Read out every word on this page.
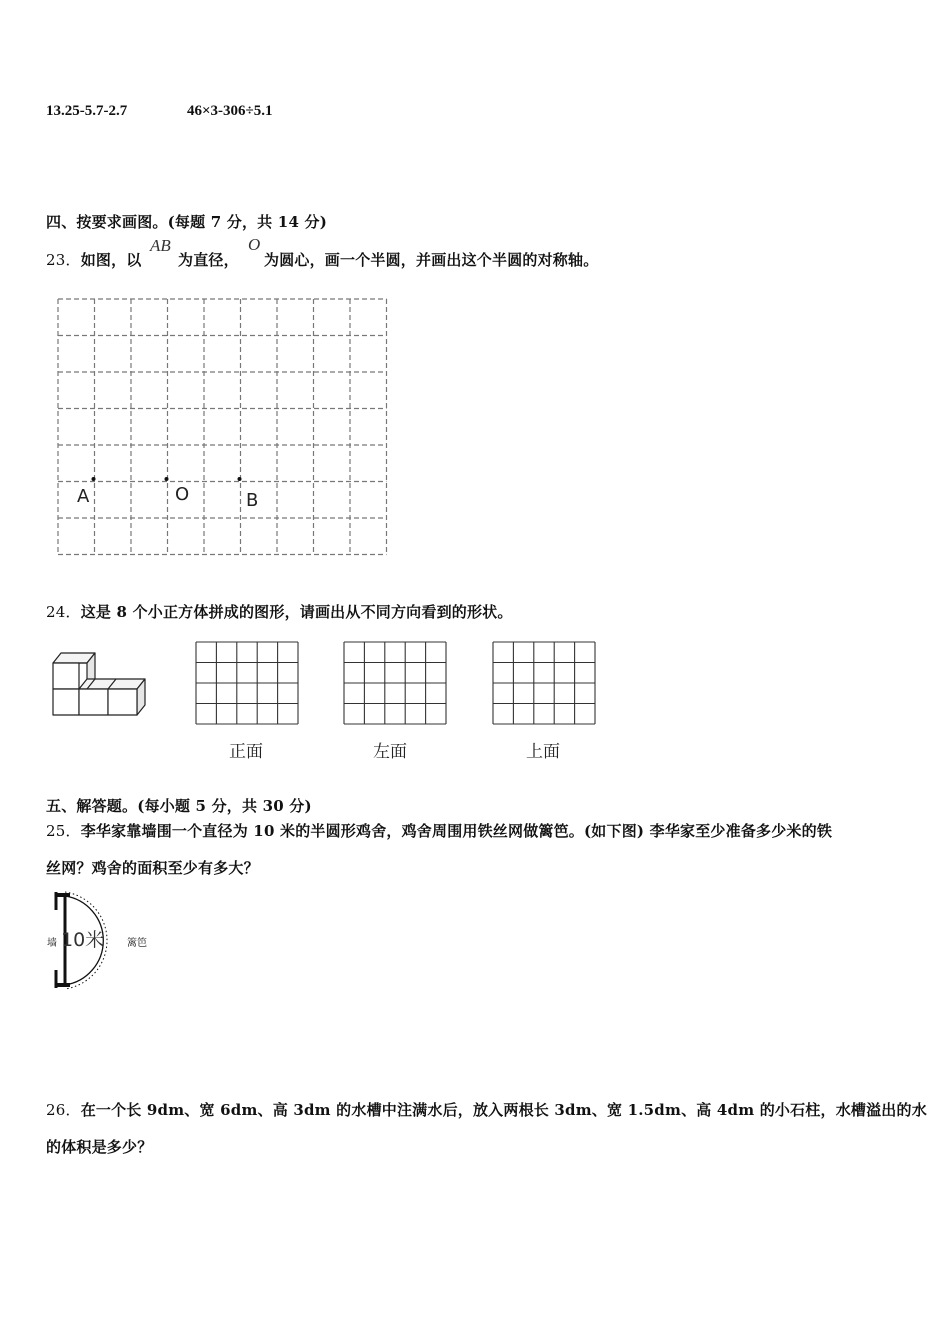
13.25-5.7-2.7	46×3-306÷5.1
四、按要求画图。(每题 7 分，共 14 分)
23．如图，以
AB
为直径，
O
为圆心，画一个半圆，并画出这个半圆的对称轴。
A	O	B
24．这是 8 个小正方体拼成的图形，请画出从不同方向看到的形状。
正面	左面	上面
五、解答题。(每小题 5 分，共 30 分)
25．李华家靠墙围一个直径为 10 米的半圆形鸡舍，鸡舍周围用铁丝网做篱笆。(如下图) 李华家至少准备多少米的铁
丝网？鸡舍的面积至少有多大？
墙 10米 篱笆
26．在一个长 9dm、宽 6dm、高 3dm 的水槽中注满水后，放入两根长 3dm、宽 1.5dm、高 4dm 的小石柱，水槽溢出的水
的体积是多少？
